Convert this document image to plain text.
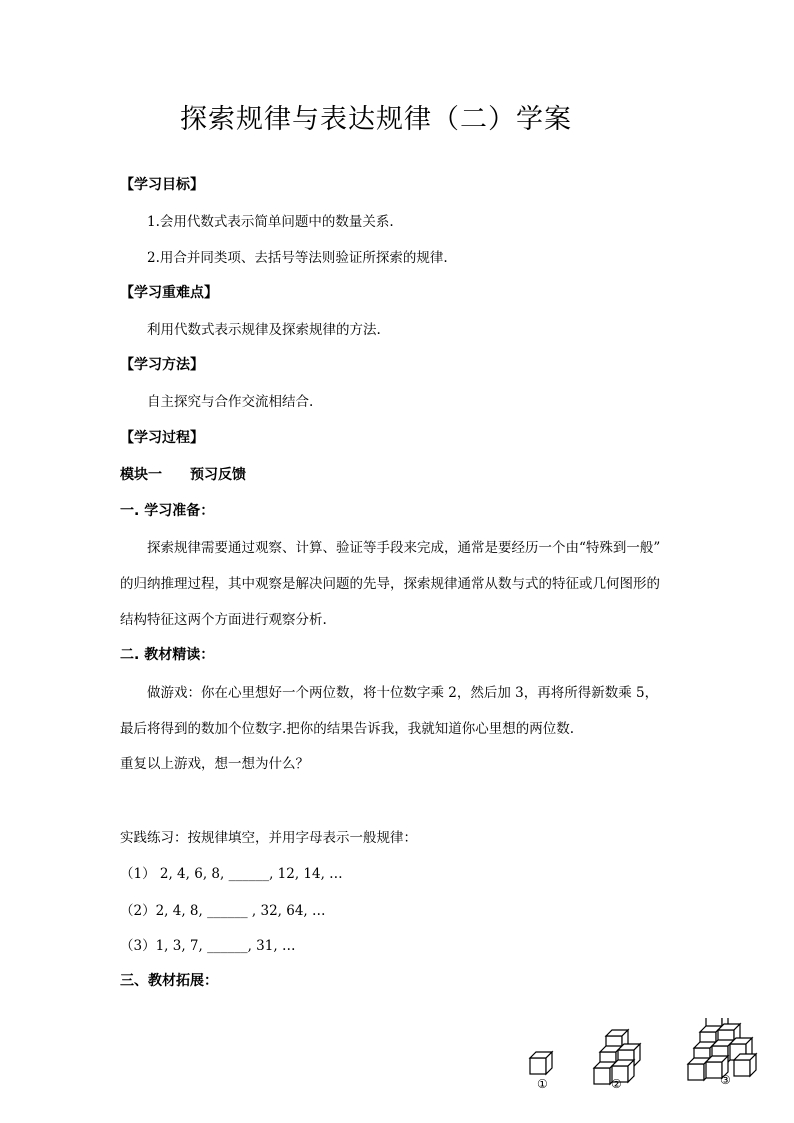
探索规律与表达规律（二）学案
【学习目标】
1.会用代数式表示简单问题中的数量关系.
2.用合并同类项、去括号等法则验证所探索的规律.
【学习重难点】
利用代数式表示规律及探索规律的方法.
【学习方法】
自主探究与合作交流相结合.
【学习过程】
模块一 预习反馈
一. 学习准备：
探索规律需要通过观察、计算、验证等手段来完成，通常是要经历一个由“特殊到一般”
的归纳推理过程，其中观察是解决问题的先导，探索规律通常从数与式的特征或几何图形的
结构特征这两个方面进行观察分析.
二. 教材精读：
做游戏：你在心里想好一个两位数，将十位数字乘 2，然后加 3，再将所得新数乘 5，
最后将得到的数加个位数字.把你的结果告诉我，我就知道你心里想的两位数.
重复以上游戏，想一想为什么？
实践练习：按规律填空，并用字母表示一般规律：
（1） 2, 4, 6, 8, ______, 12, 14, …
（2）2, 4, 8, ______ , 32, 64, …
（3）1, 3, 7, ______, 31, …
三、教材拓展：
①	②	③
